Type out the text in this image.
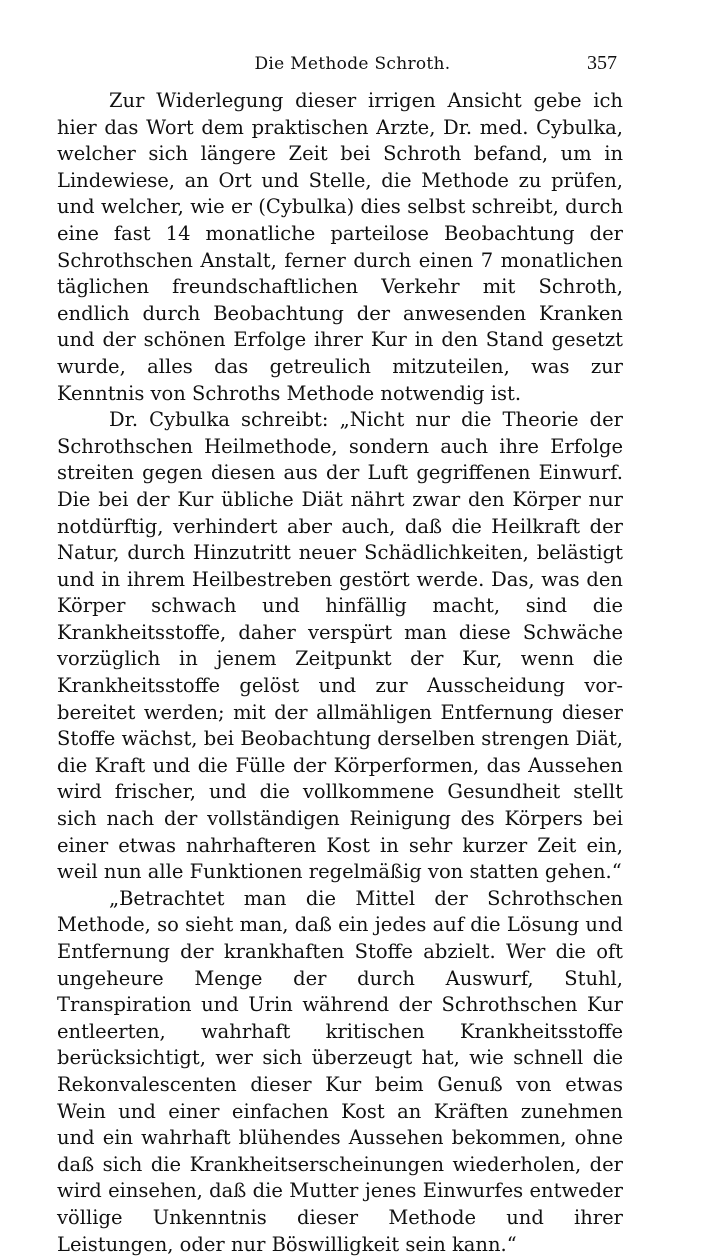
Die Methode Schroth.	357

Zur Widerlegung dieser irrigen Ansicht gebe ich hier das Wort dem praktischen Arzte, Dr. med. Cybulka, welcher sich längere Zeit bei Schroth befand, um in Lindewiese, an Ort und Stelle, die Methode zu prüfen, und welcher, wie er (Cybulka) dies selbst schreibt, durch eine fast 14 monatliche parteilose Beobachtung der Schrothschen Anstalt, ferner durch einen 7 monatlichen täglichen freundschaftlichen Verkehr mit Schroth, endlich durch Beobachtung der anwesenden Kranken und der schönen Erfolge ihrer Kur in den Stand gesetzt wurde, alles das getreulich mitzuteilen, was zur Kenntnis von Schroths Methode notwendig ist.

Dr. Cybulka schreibt: „Nicht nur die Theorie der Schrothschen Heilmethode, sondern auch ihre Erfolge streiten gegen diesen aus der Luft gegriffenen Einwurf. Die bei der Kur übliche Diät nährt zwar den Körper nur notdürftig, verhindert aber auch, daß die Heilkraft der Natur, durch Hinzutritt neuer Schädlichkeiten, belästigt und in ihrem Heilbestreben gestört werde. Das, was den Körper schwach und hinfällig macht, sind die Krankheitsstoffe, daher verspürt man diese Schwäche vorzüglich in jenem Zeitpunkt der Kur, wenn die Krankheitsstoffe gelöst und zur Ausscheidung vorbereitet werden; mit der allmähligen Entfernung dieser Stoffe wächst, bei Beobachtung derselben strengen Diät, die Kraft und die Fülle der Körperformen, das Aussehen wird frischer, und die vollkommene Gesundheit stellt sich nach der vollständigen Reinigung des Körpers bei einer etwas nahrhafteren Kost in sehr kurzer Zeit ein, weil nun alle Funktionen regelmäßig von statten gehen.“

„Betrachtet man die Mittel der Schrothschen Methode, so sieht man, daß ein jedes auf die Lösung und Entfernung der krankhaften Stoffe abzielt. Wer die oft ungeheure Menge der durch Auswurf, Stuhl, Transpiration und Urin während der Schrothschen Kur entleerten, wahrhaft kritischen Krankheitsstoffe berücksichtigt, wer sich überzeugt hat, wie schnell die Rekonvalescenten dieser Kur beim Genuß von etwas Wein und einer einfachen Kost an Kräften zunehmen und ein wahrhaft blühendes Aussehen bekommen, ohne daß sich die Krankheitserscheinungen wiederholen, der wird einsehen, daß die Mutter jenes Einwurfes entweder völlige Unkenntnis dieser Methode und ihrer Leistungen, oder nur Böswilligkeit sein kann.“
